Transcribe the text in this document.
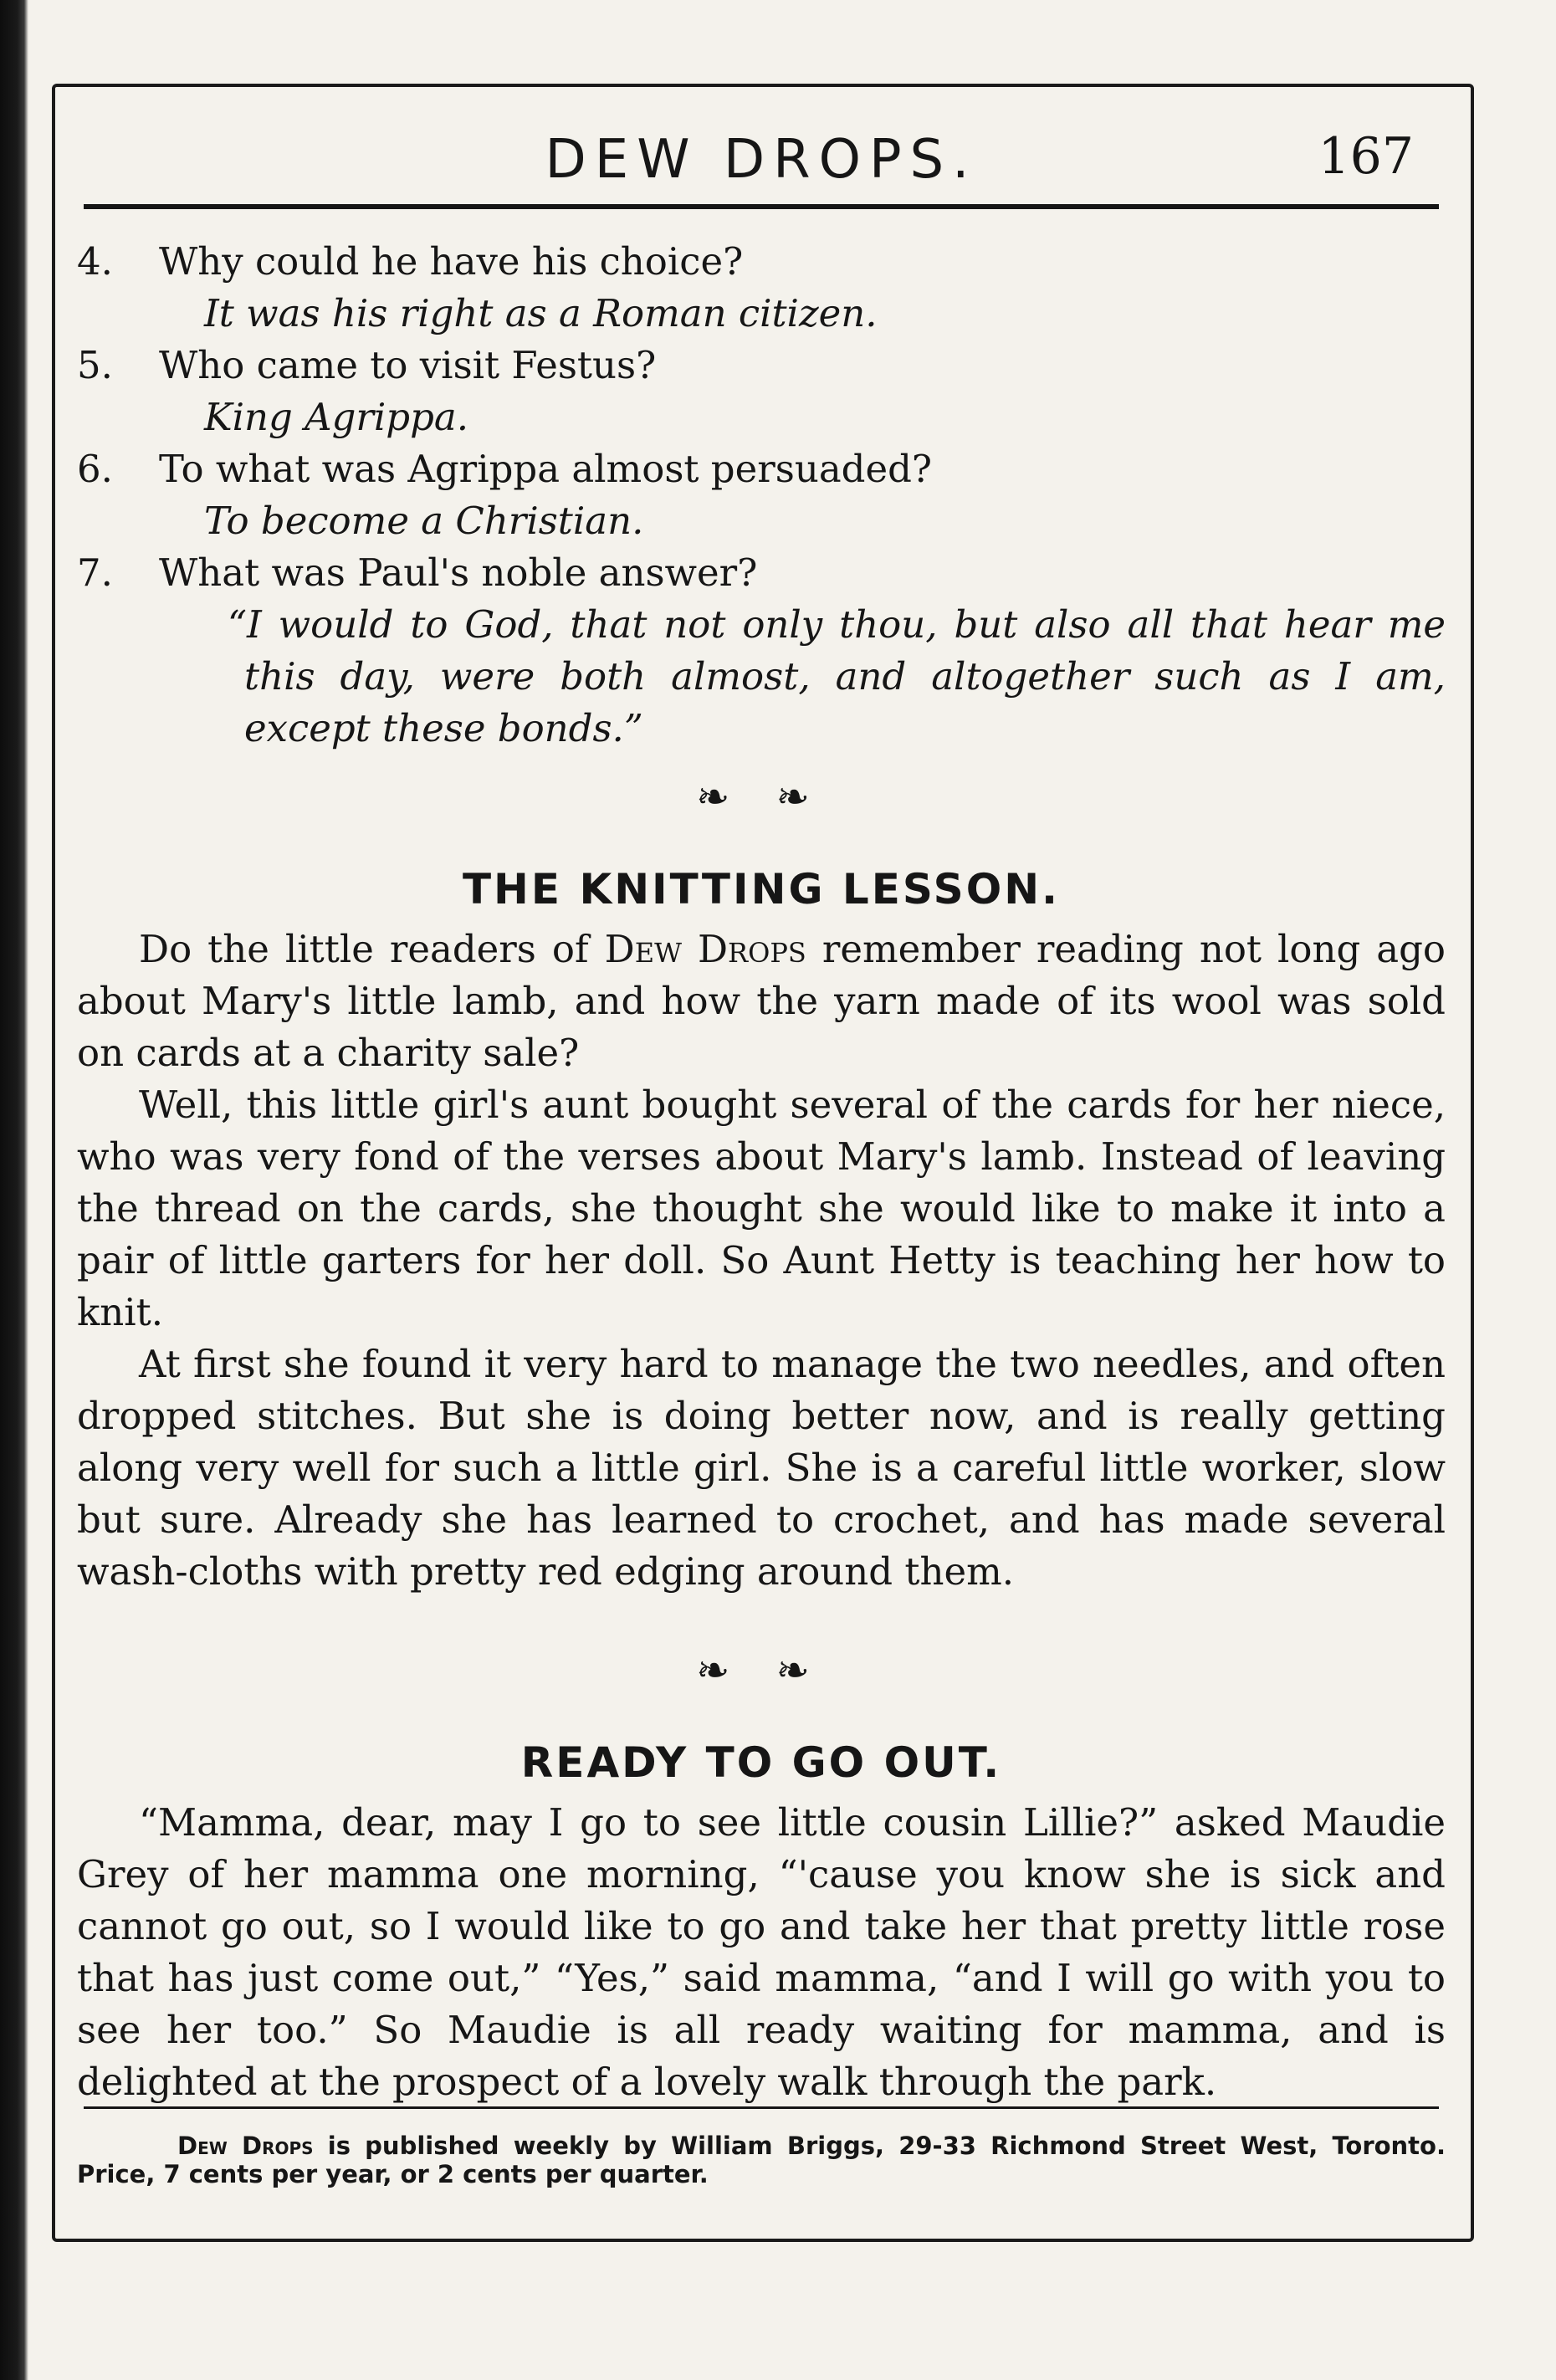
DEW DROPS.	167
4.	Why could he have his choice?
It was his right as a Roman citizen.
5.	Who came to visit Festus?
King Agrippa.
6.	To what was Agrippa almost persuaded?
To become a Christian.
7.	What was Paul's noble answer?
“I would to God, that not only thou, but also all that hear me this day, were both almost, and altogether such as I am, except these bonds.”
❧ ❧
THE KNITTING LESSON.

Do the little readers of Dew Drops remember reading not long ago about Mary's little lamb, and how the yarn made of its wool was sold on cards at a charity sale?

Well, this little girl's aunt bought several of the cards for her niece, who was very fond of the verses about Mary's lamb. Instead of leaving the thread on the cards, she thought she would like to make it into a pair of little garters for her doll. So Aunt Hetty is teaching her how to knit.

At first she found it very hard to manage the two needles, and often dropped stitches. But she is doing better now, and is really getting along very well for such a little girl. She is a careful little worker, slow but sure. Already she has learned to crochet, and has made several wash-cloths with pretty red edging around them.

❧ ❧
READY TO GO OUT.

“Mamma, dear, may I go to see little cousin Lillie?” asked Maudie Grey of her mamma one morning, “'cause you know she is sick and cannot go out, so I would like to go and take her that pretty little rose that has just come out,” “Yes,” said mamma, “and I will go with you to see her too.” So Maudie is all ready waiting for mamma, and is delighted at the prospect of a lovely walk through the park.

Dew Drops is published weekly by William Briggs, 29-33 Richmond Street West, Toronto. Price, 7 cents per year, or 2 cents per quarter.
